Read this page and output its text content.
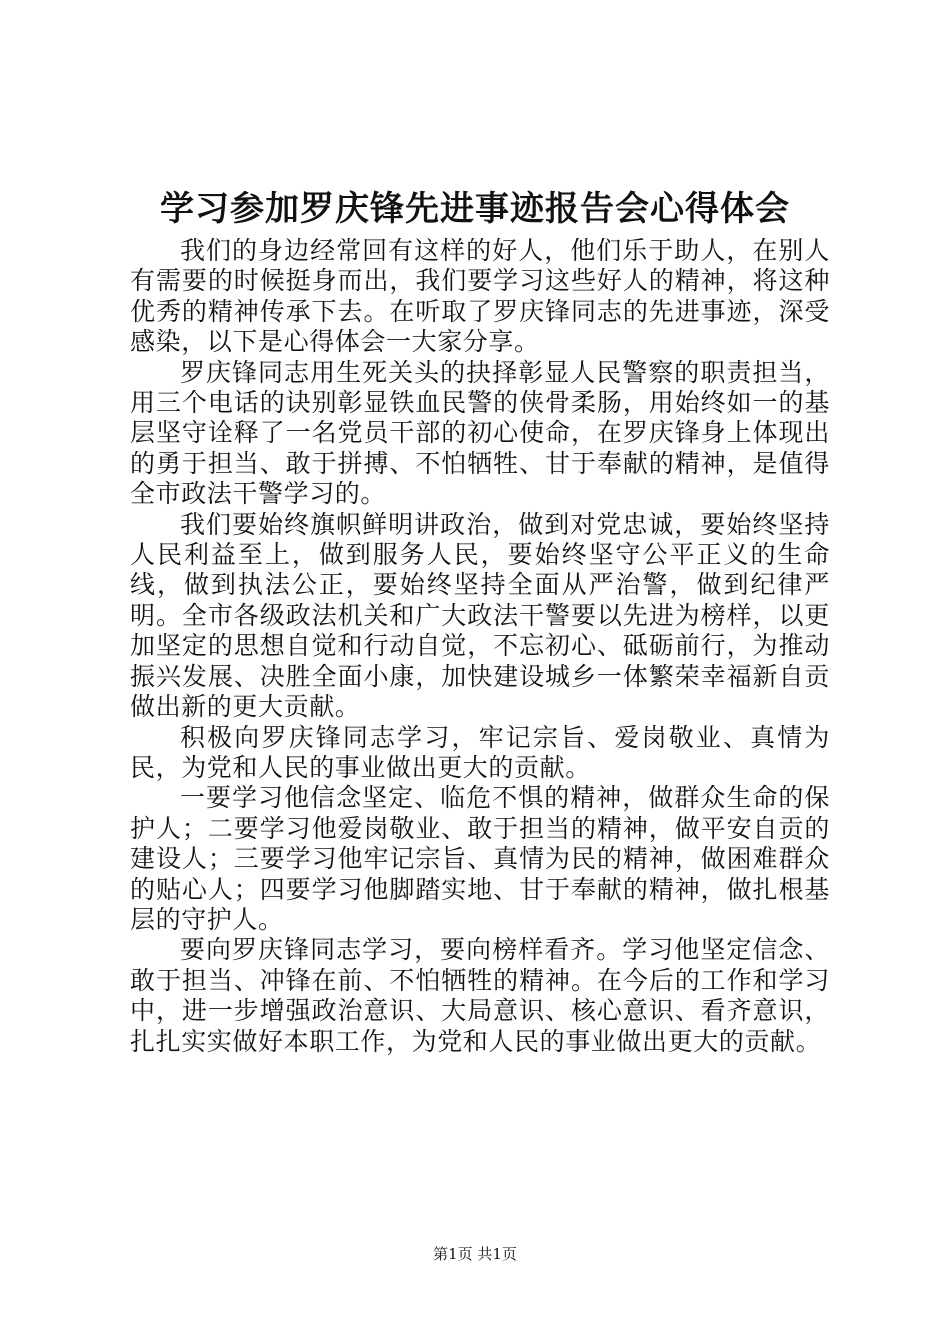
学习参加罗庆锋先进事迹报告会心得体会

我们的身边经常回有这样的好人，他们乐于助人，在别人有需要的时候挺身而出，我们要学习这些好人的精神，将这种优秀的精神传承下去。在听取了罗庆锋同志的先进事迹，深受感染，以下是心得体会一大家分享。

罗庆锋同志用生死关头的抉择彰显人民警察的职责担当，用三个电话的诀别彰显铁血民警的侠骨柔肠，用始终如一的基层坚守诠释了一名党员干部的初心使命，在罗庆锋身上体现出的勇于担当、敢于拼搏、不怕牺牲、甘于奉献的精神，是值得全市政法干警学习的。

我们要始终旗帜鲜明讲政治，做到对党忠诚，要始终坚持人民利益至上，做到服务人民，要始终坚守公平正义的生命线，做到执法公正，要始终坚持全面从严治警，做到纪律严明。全市各级政法机关和广大政法干警要以先进为榜样，以更加坚定的思想自觉和行动自觉，不忘初心、砥砺前行，为推动振兴发展、决胜全面小康，加快建设城乡一体繁荣幸福新自贡做出新的更大贡献。

积极向罗庆锋同志学习，牢记宗旨、爱岗敬业、真情为民，为党和人民的事业做出更大的贡献。

一要学习他信念坚定、临危不惧的精神，做群众生命的保护人；二要学习他爱岗敬业、敢于担当的精神，做平安自贡的建设人；三要学习他牢记宗旨、真情为民的精神，做困难群众的贴心人；四要学习他脚踏实地、甘于奉献的精神，做扎根基层的守护人。

要向罗庆锋同志学习，要向榜样看齐。学习他坚定信念、敢于担当、冲锋在前、不怕牺牲的精神。在今后的工作和学习中，进一步增强政治意识、大局意识、核心意识、看齐意识，扎扎实实做好本职工作，为党和人民的事业做出更大的贡献。

第1页 共1页
